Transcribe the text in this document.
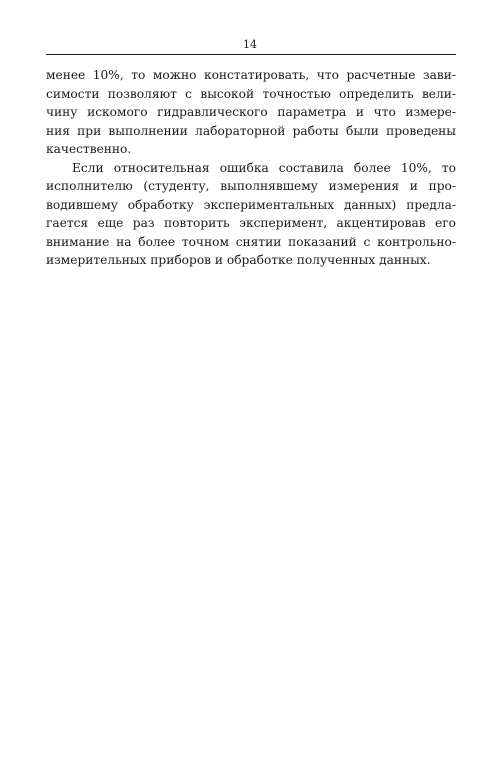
14

менее 10%, то можно констатировать, что расчетные зави-
симости позволяют с высокой точностью определить вели-
чину искомого гидравлического параметра и что измере-
ния при выполнении лабораторной работы были проведены
качественно.

Если относительная ошибка составила более 10%, то
исполнителю (студенту, выполнявшему измерения и про-
водившему обработку экспериментальных данных) предла-
гается еще раз повторить эксперимент, акцентировав его
внимание на более точном снятии показаний с контрольно-
измерительных приборов и обработке полученных данных.
